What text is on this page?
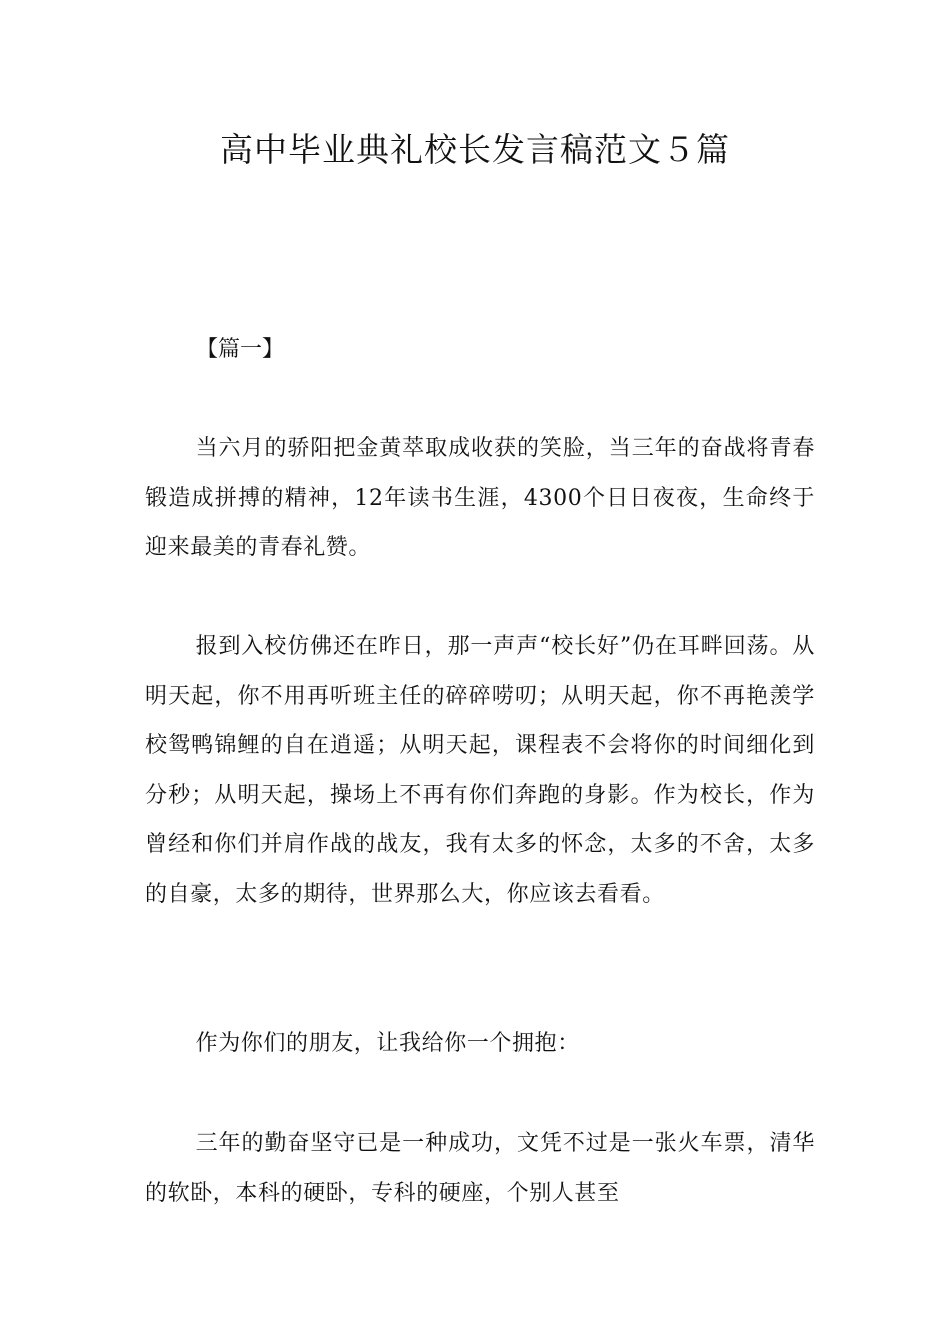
高中毕业典礼校长发言稿范文５篇

【篇一】

当六月的骄阳把金黄萃取成收获的笑脸，当三年的奋战将青春锻造成拼搏的精神，12年读书生涯，4300个日日夜夜，生命终于迎来最美的青春礼赞。

报到入校仿佛还在昨日，那一声声“校长好”仍在耳畔回荡。从明天起，你不用再听班主任的碎碎唠叨；从明天起，你不再艳羡学校鸳鸭锦鲤的自在逍遥；从明天起，课程表不会将你的时间细化到分秒；从明天起，操场上不再有你们奔跑的身影。作为校长，作为曾经和你们并肩作战的战友，我有太多的怀念，太多的不舍，太多的自豪，太多的期待，世界那么大，你应该去看看。

作为你们的朋友，让我给你一个拥抱：

三年的勤奋坚守已是一种成功，文凭不过是一张火车票，清华的软卧，本科的硬卧，专科的硬座，个别人甚至
